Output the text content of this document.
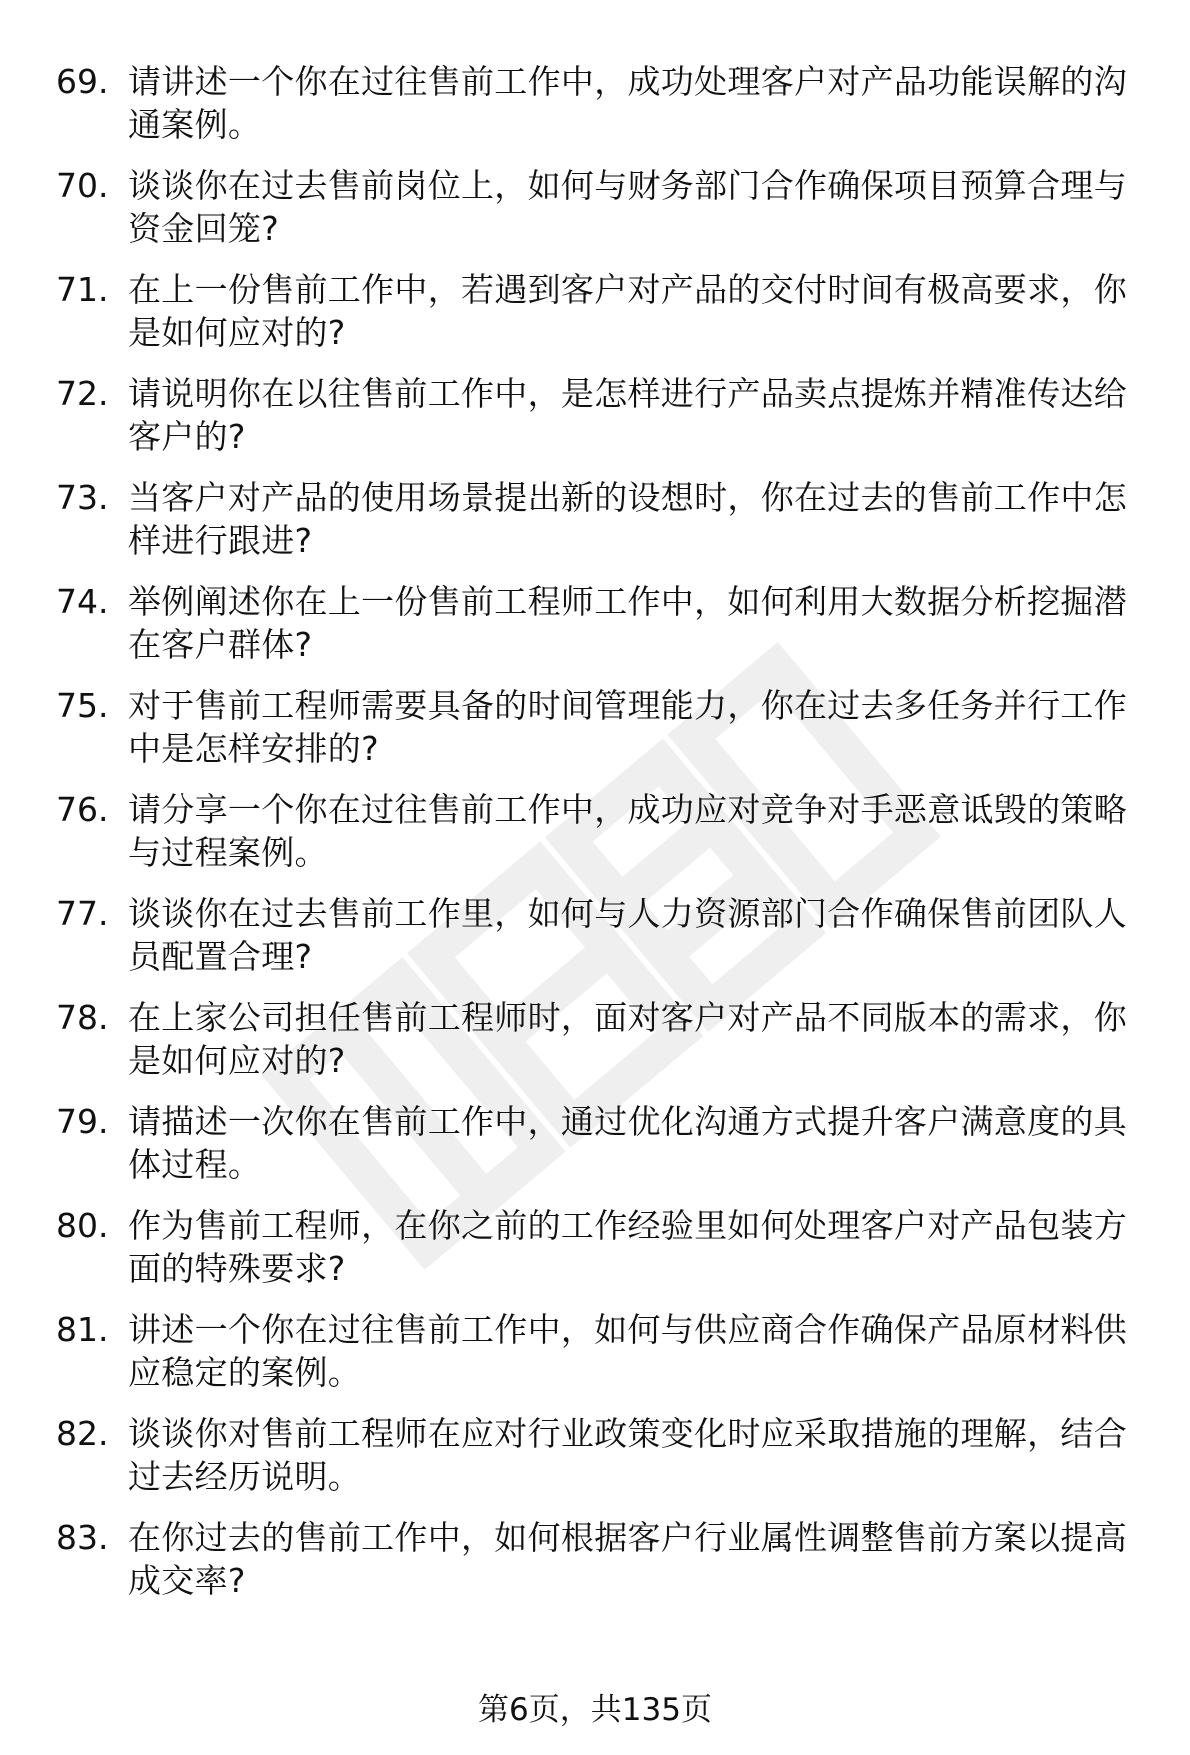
69. 请讲述一个你在过往售前工作中，成功处理客户对产品功能误解的沟通案例。
70. 谈谈你在过去售前岗位上，如何与财务部门合作确保项目预算合理与资金回笼?
71. 在上一份售前工作中，若遇到客户对产品的交付时间有极高要求，你是如何应对的?
72. 请说明你在以往售前工作中，是怎样进行产品卖点提炼并精准传达给客户的?
73. 当客户对产品的使用场景提出新的设想时，你在过去的售前工作中怎样进行跟进?
74. 举例阐述你在上一份售前工程师工作中，如何利用大数据分析挖掘潜在客户群体?
75. 对于售前工程师需要具备的时间管理能力，你在过去多任务并行工作中是怎样安排的?
76. 请分享一个你在过往售前工作中，成功应对竞争对手恶意诋毁的策略与过程案例。
77. 谈谈你在过去售前工作里，如何与人力资源部门合作确保售前团队人员配置合理?
78. 在上家公司担任售前工程师时，面对客户对产品不同版本的需求，你是如何应对的?
79. 请描述一次你在售前工作中，通过优化沟通方式提升客户满意度的具体过程。
80. 作为售前工程师，在你之前的工作经验里如何处理客户对产品包装方面的特殊要求?
81. 讲述一个你在过往售前工作中，如何与供应商合作确保产品原材料供应稳定的案例。
82. 谈谈你对售前工程师在应对行业政策变化时应采取措施的理解，结合过去经历说明。
83. 在你过去的售前工作中，如何根据客户行业属性调整售前方案以提高成交率?
第6页，共135页
